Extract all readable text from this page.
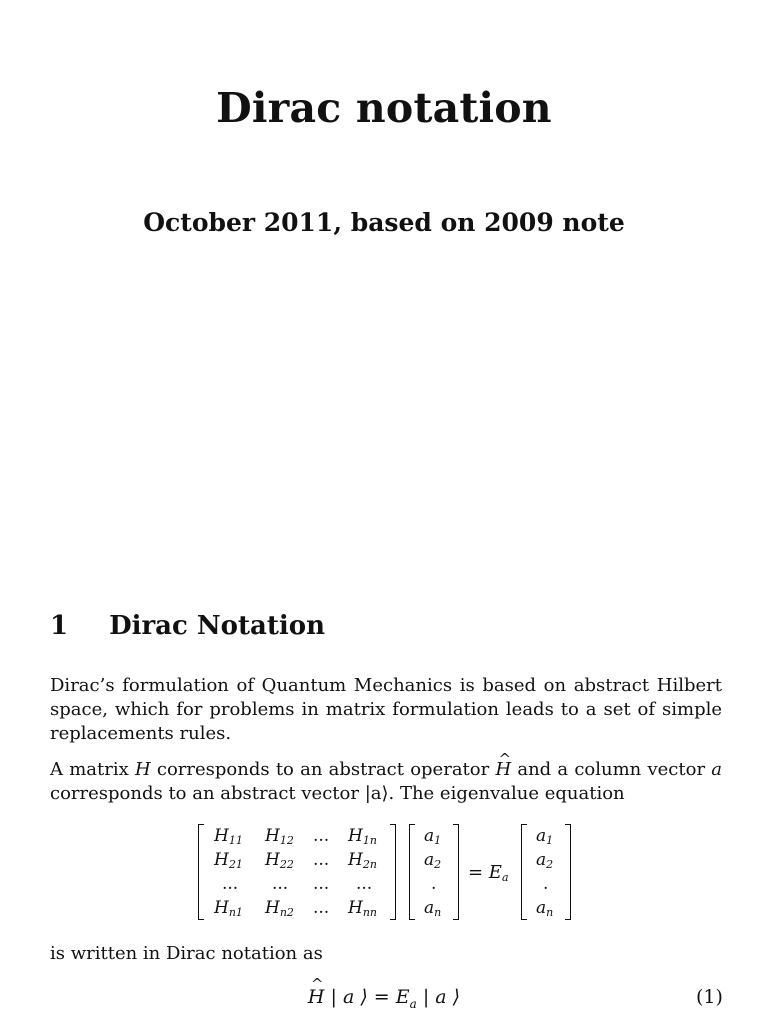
Dirac notation
October 2011, based on 2009 note
1 Dirac Notation
Dirac’s formulation of Quantum Mechanics is based on abstract Hilbert space, which for problems in matrix formulation leads to a set of simple replacements rules.
A matrix H corresponds to an abstract operator ^ H and a column vector a corresponds to an abstract vector |a⟩. The eigenvalue equation
$H_{11}$ $H_{12}$ ... $H_{1n}$
$H_{21}$ $H_{22}$ ... $H_{2n}$
... ... ... ...
$H_{n1}$ $H_{n2}$ ... $H_{nn}$
$a_1$
$a_2$
.
$a_n$
= $E_a$
$a_1$
$a_2$
.
$a_n$
is written in Dirac notation as
^ H | a ⟩ = $E_a$ | a ⟩	(1)
